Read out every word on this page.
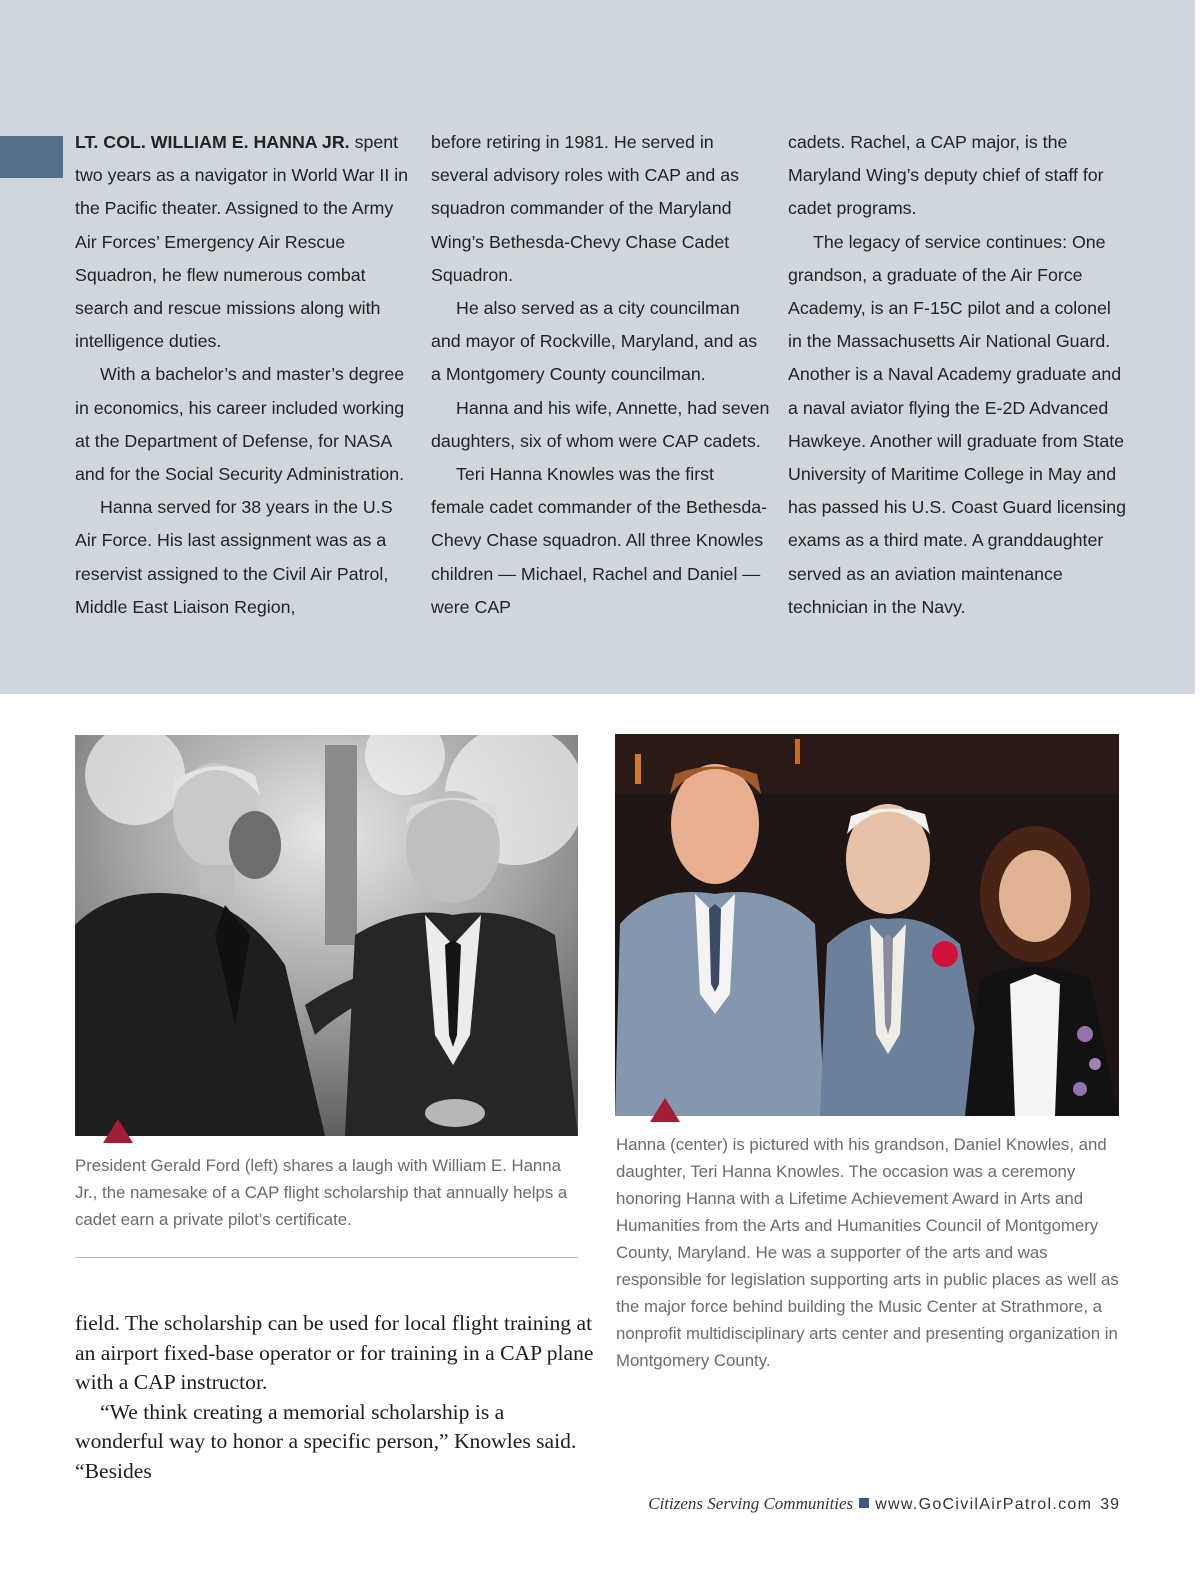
LT. COL. WILLIAM E. HANNA JR. spent two years as a navigator in World War II in the Pacific theater. Assigned to the Army Air Forces’ Emergency Air Rescue Squadron, he flew numerous combat search and rescue missions along with intelligence duties.

With a bachelor’s and master’s degree in economics, his career included working at the Department of Defense, for NASA and for the Social Security Administration.

Hanna served for 38 years in the U.S Air Force. His last assignment was as a reservist assigned to the Civil Air Patrol, Middle East Liaison Region,

before retiring in 1981. He served in several advisory roles with CAP and as squadron commander of the Maryland Wing’s Bethesda-Chevy Chase Cadet Squadron.

He also served as a city councilman and mayor of Rockville, Maryland, and as a Montgomery County councilman.

Hanna and his wife, Annette, had seven daughters, six of whom were CAP cadets.

Teri Hanna Knowles was the first female cadet commander of the Bethesda-Chevy Chase squadron. All three Knowles children — Michael, Rachel and Daniel — were CAP

cadets. Rachel, a CAP major, is the Maryland Wing’s deputy chief of staff for cadet programs.

The legacy of service continues: One grandson, a graduate of the Air Force Academy, is an F-15C pilot and a colonel in the Massachusetts Air National Guard. Another is a Naval Academy graduate and a naval aviator flying the E-2D Advanced Hawkeye. Another will graduate from State University of Maritime College in May and has passed his U.S. Coast Guard licensing exams as a third mate. A granddaughter served as an aviation maintenance technician in the Navy.

President Gerald Ford (left) shares a laugh with William E. Hanna Jr., the namesake of a CAP flight scholarship that annually helps a cadet earn a private pilot’s certificate.
Hanna (center) is pictured with his grandson, Daniel Knowles, and daughter, Teri Hanna Knowles. The occasion was a ceremony honoring Hanna with a Lifetime Achievement Award in Arts and Humanities from the Arts and Humanities Council of Montgomery County, Maryland. He was a supporter of the arts and was responsible for legislation supporting arts in public places as well as the major force behind building the Music Center at Strathmore, a nonprofit multidisciplinary arts center and presenting organization in Montgomery County.

field. The scholarship can be used for local flight training at an airport fixed-base operator or for training in a CAP plane with a CAP instructor.

“We think creating a memorial scholarship is a wonderful way to honor a specific person,” Knowles said. “Besides

Citizens Serving Communities www.GoCivilAirPatrol.com 39
